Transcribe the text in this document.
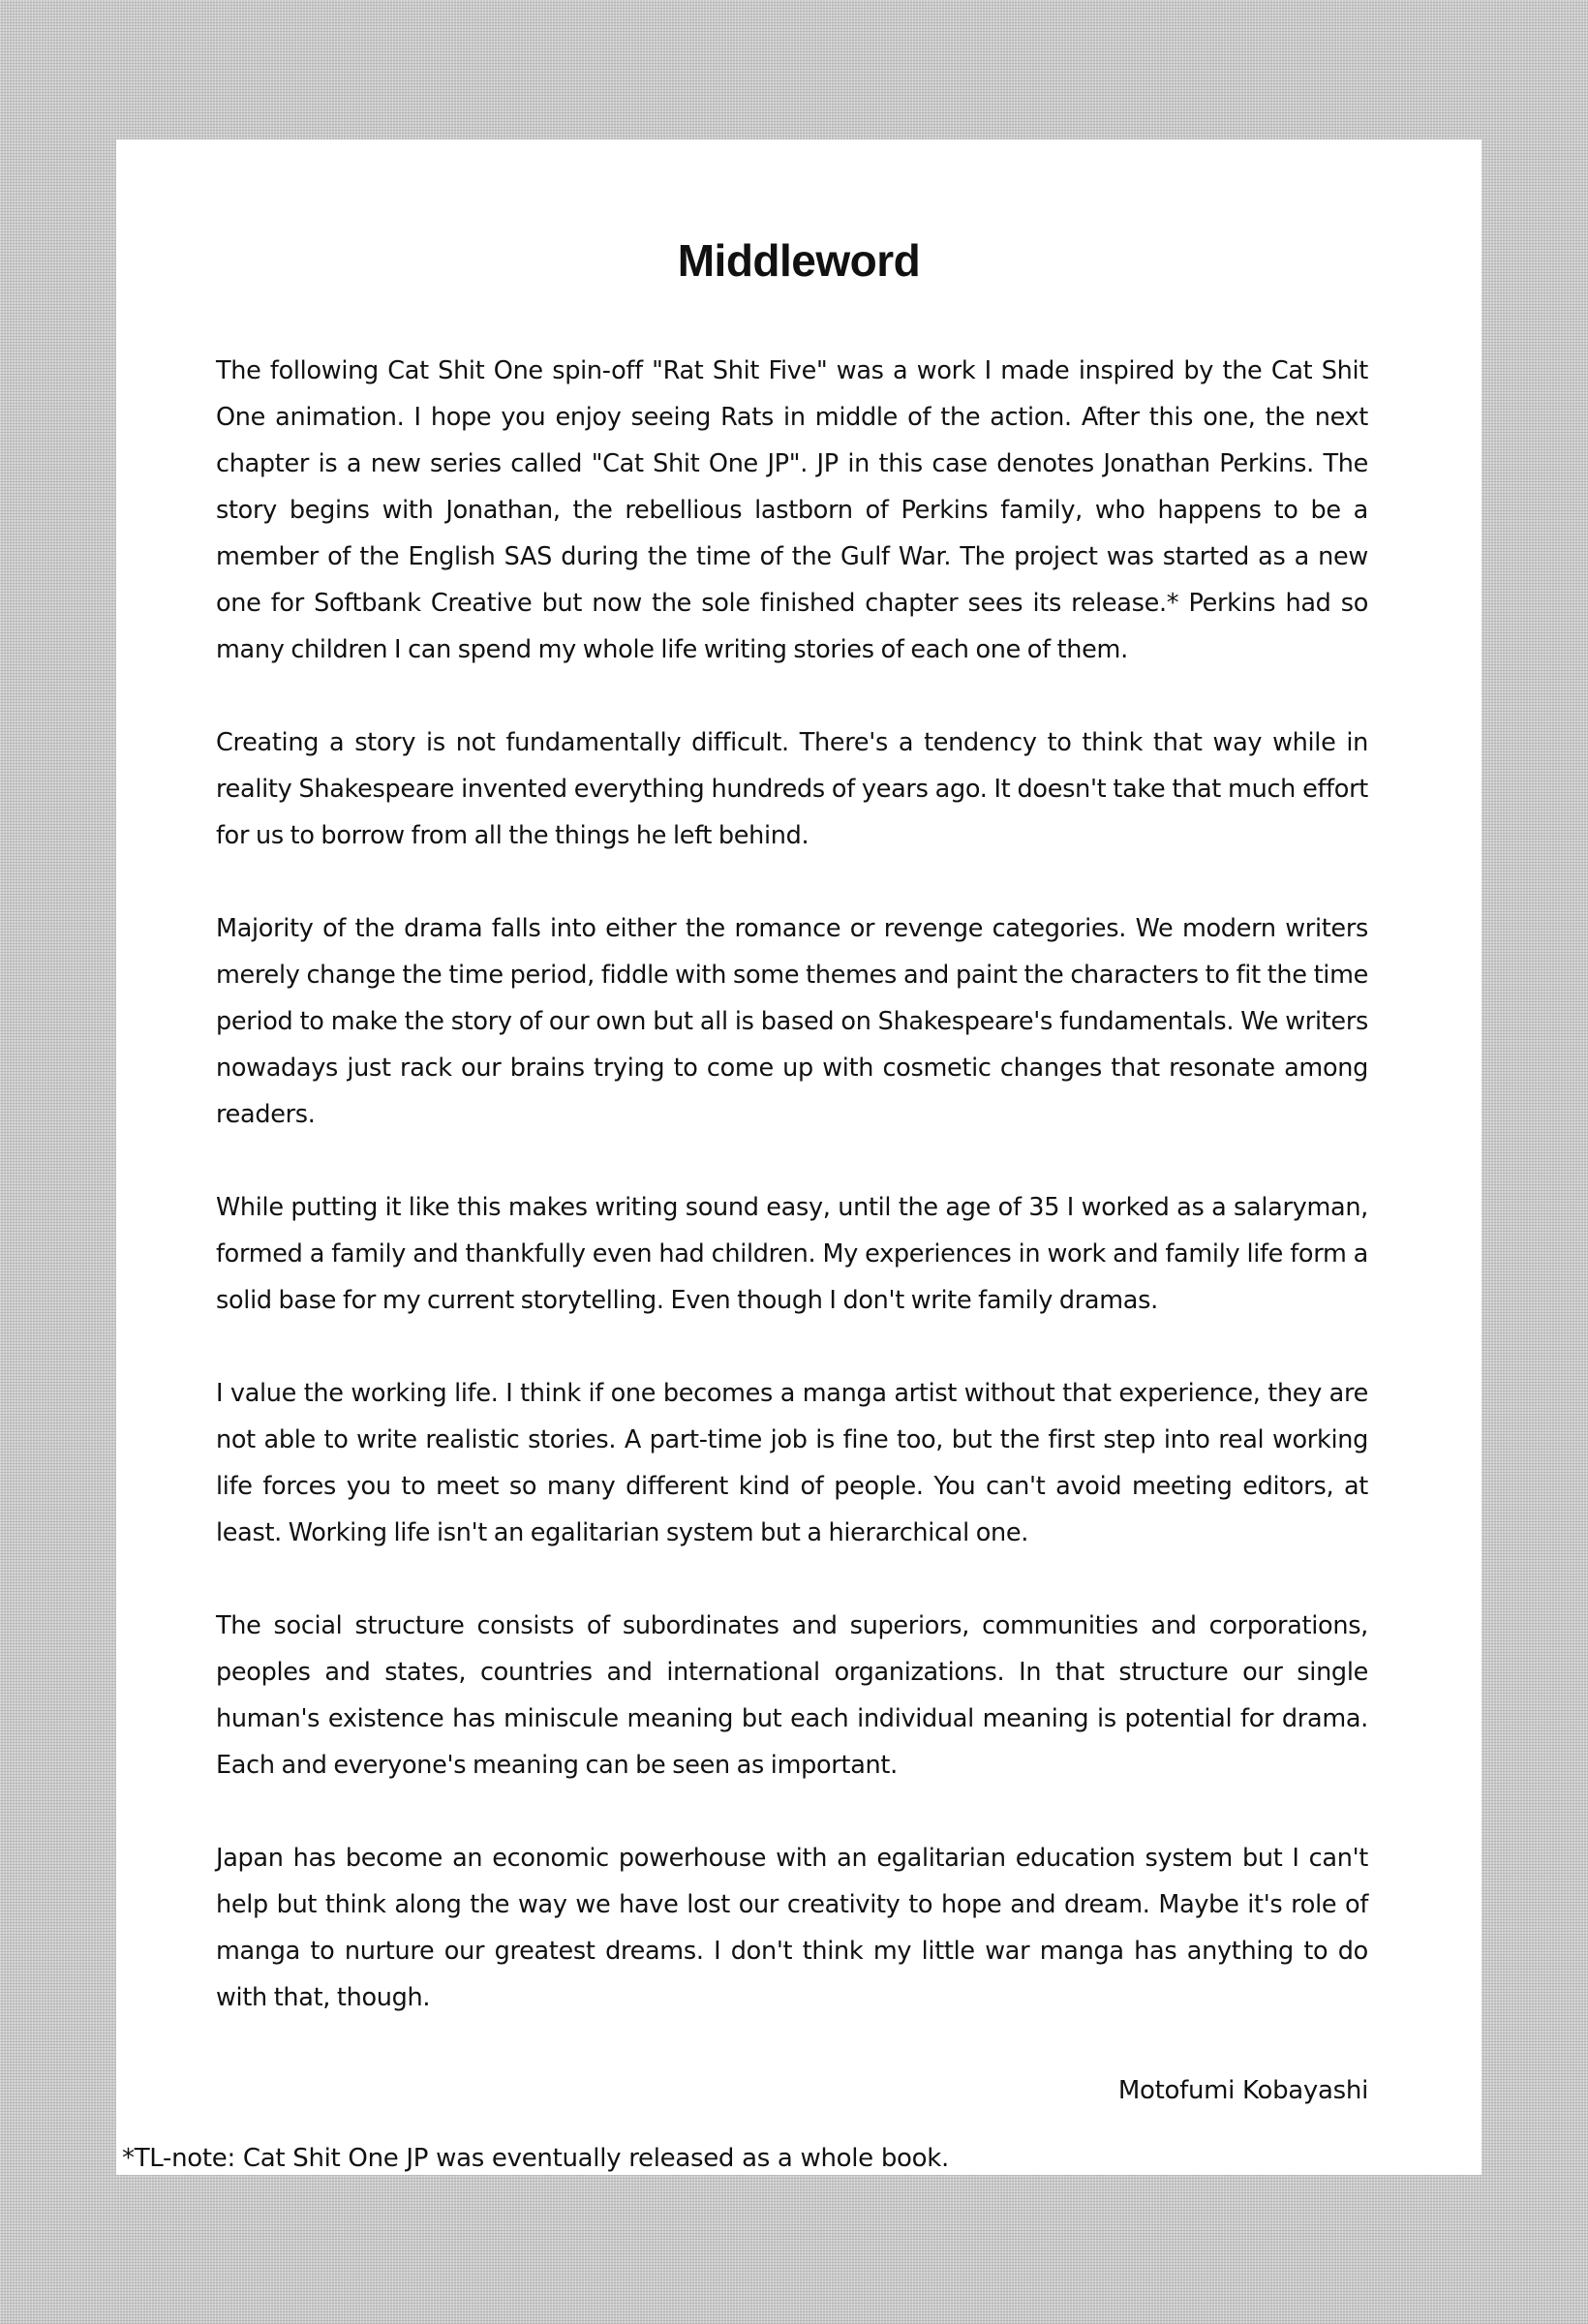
Middleword

The following Cat Shit One spin-off "Rat Shit Five" was a work I made inspired by the Cat Shit One animation. I hope you enjoy seeing Rats in middle of the action. After this one, the next chapter is a new series called "Cat Shit One JP". JP in this case denotes Jonathan Perkins. The story begins with Jonathan, the rebellious lastborn of Perkins family, who happens to be a member of the English SAS during the time of the Gulf War. The project was started as a new one for Softbank Creative but now the sole finished chapter sees its release.* Perkins had so many children I can spend my whole life writing stories of each one of them.

Creating a story is not fundamentally difficult. There's a tendency to think that way while in reality Shakespeare invented everything hundreds of years ago. It doesn't take that much effort for us to borrow from all the things he left behind.

Majority of the drama falls into either the romance or revenge categories. We modern writers merely change the time period, fiddle with some themes and paint the characters to fit the time period to make the story of our own but all is based on Shakespeare's fundamentals. We writers nowadays just rack our brains trying to come up with cosmetic changes that resonate among readers.

While putting it like this makes writing sound easy, until the age of 35 I worked as a salaryman, formed a family and thankfully even had children. My experiences in work and family life form a solid base for my current storytelling. Even though I don't write family dramas.

I value the working life. I think if one becomes a manga artist without that experience, they are not able to write realistic stories. A part-time job is fine too, but the first step into real working life forces you to meet so many different kind of people. You can't avoid meeting editors, at least. Working life isn't an egalitarian system but a hierarchical one.

The social structure consists of subordinates and superiors, communities and corporations, peoples and states, countries and international organizations. In that structure our single human's existence has miniscule meaning but each individual meaning is potential for drama. Each and everyone's meaning can be seen as important.

Japan has become an economic powerhouse with an egalitarian education system but I can't help but think along the way we have lost our creativity to hope and dream. Maybe it's role of manga to nurture our greatest dreams. I don't think my little war manga has anything to do with that, though.

Motofumi Kobayashi
*TL-note: Cat Shit One JP was eventually released as a whole book.
